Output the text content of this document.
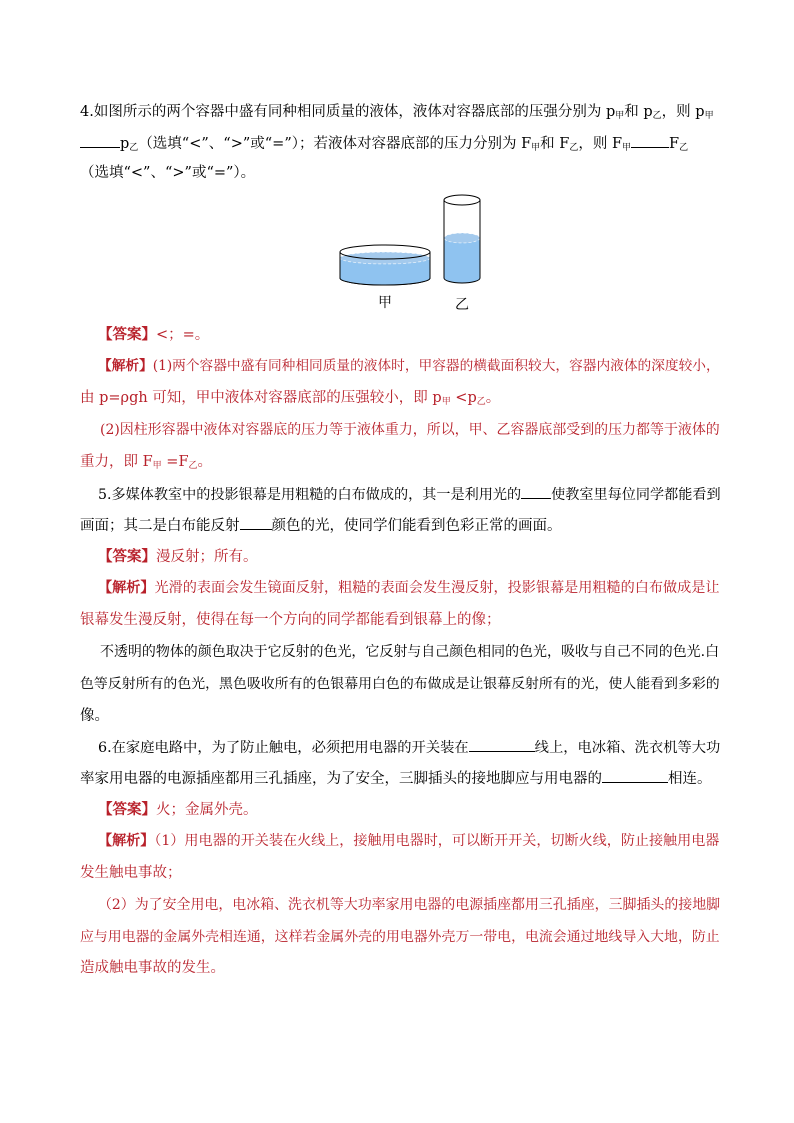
4.如图所示的两个容器中盛有同种相同质量的液体，液体对容器底部的压强分别为 $p_甲$和 $p_乙$，则 $p_甲$
$p_乙$（选填“<”、“>”或“=”）；若液体对容器底部的压力分别为 $F_甲$和 $F_乙$，则 $F_甲$	$F_乙$
（选填“<”、“>”或“=”）。
甲	乙
【答案】<；=。
【解析】(1)两个容器中盛有同种相同质量的液体时，甲容器的横截面积较大，容器内液体的深度较小，
由 p=ρgh 可知，甲中液体对容器底部的压强较小，即 $p_甲 <p_乙$。
(2)因柱形容器中液体对容器底的压力等于液体重力，所以，甲、乙容器底部受到的压力都等于液体的
重力，即 $F_甲 =F_乙$。
5.多媒体教室中的投影银幕是用粗糙的白布做成的，其一是利用光的 使教室里每位同学都能看到
画面；其二是白布能反射 颜色的光，使同学们能看到色彩正常的画面。
【答案】漫反射；所有。
【解析】光滑的表面会发生镜面反射，粗糙的表面会发生漫反射，投影银幕是用粗糙的白布做成是让
银幕发生漫反射，使得在每一个方向的同学都能看到银幕上的像；
不透明的物体的颜色取决于它反射的色光，它反射与自己颜色相同的色光，吸收与自己不同的色光.白
色等反射所有的色光，黑色吸收所有的色银幕用白色的布做成是让银幕反射所有的光，使人能看到多彩的
像。
6.在家庭电路中，为了防止触电，必须把用电器的开关装在	线上，电冰箱、洗衣机等大功
率家用电器的电源插座都用三孔插座，为了安全，三脚插头的接地脚应与用电器的	相连。
【答案】火；金属外壳。
【解析】（1）用电器的开关装在火线上，接触用电器时，可以断开开关，切断火线，防止接触用电器
发生触电事故；
（2）为了安全用电，电冰箱、洗衣机等大功率家用电器的电源插座都用三孔插座，三脚插头的接地脚
应与用电器的金属外壳相连通，这样若金属外壳的用电器外壳万一带电，电流会通过地线导入大地，防止
造成触电事故的发生。
